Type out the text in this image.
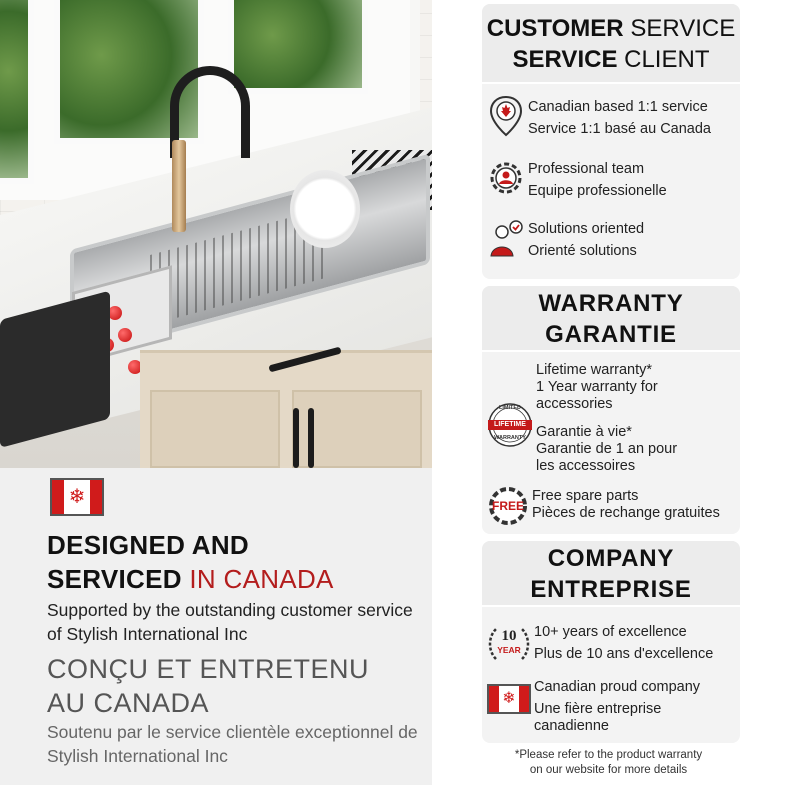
❄
DESIGNED AND
SERVICED IN CANADA
Supported by the outstanding customer service of Stylish International Inc
CONÇU ET ENTRETENU
AU CANADA
Soutenu par le service clientèle exceptionnel de Stylish International Inc
CUSTOMER SERVICE
SERVICE CLIENT
Canadian based 1:1 service
Service 1:1 basé au Canada
Professional team
Equipe professionelle
Solutions oriented
Orienté solutions
WARRANTY
GARANTIE
Lifetime warranty*
1 Year warranty for
accessories
LIMITED
LIFETIME
WARRANTY Garantie à vie*
Garantie de 1 an pour
les accessoires
FREE
Free spare parts
Pièces de rechange gratuites
COMPANY
ENTREPRISE
10
YEAR
10+ years of excellence
Plus de 10 ans d'excellence
❄
Canadian proud company
Une fière entreprise
canadienne
*Please refer to the product warranty
on our website for more details
